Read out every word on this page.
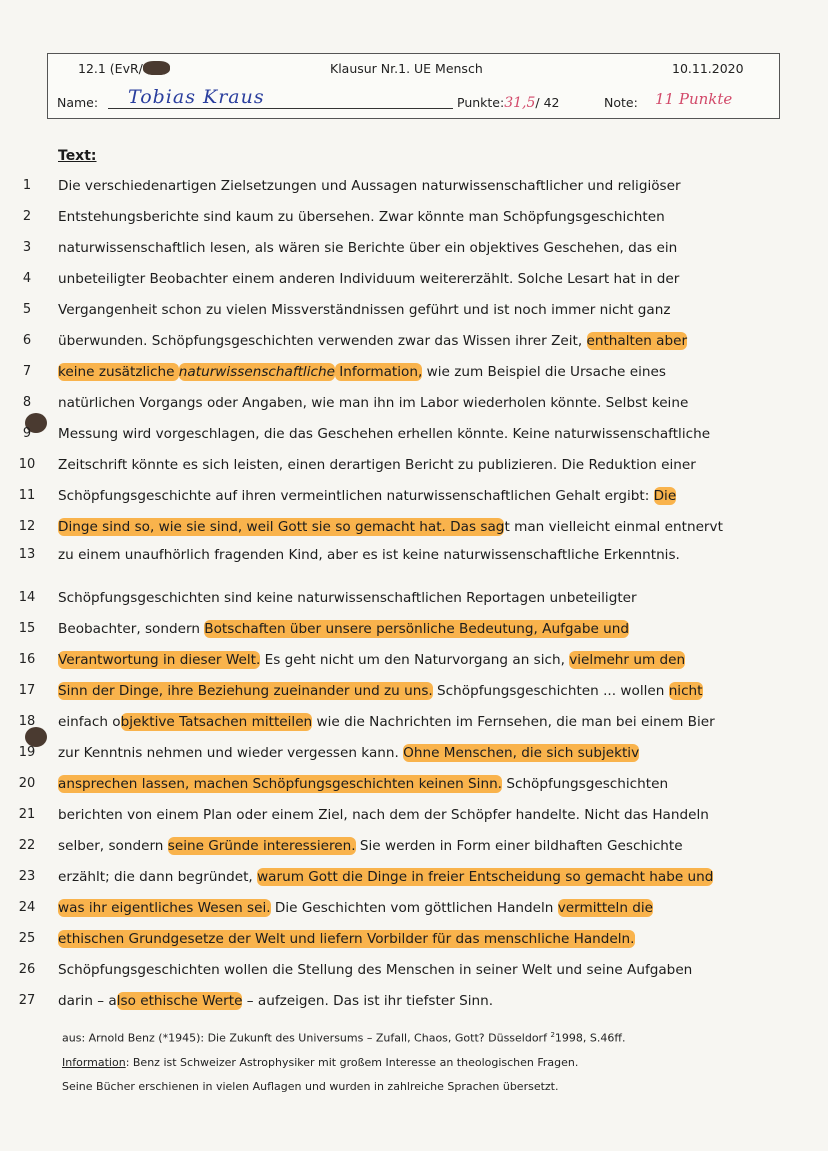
12.1 (EvR/	Klausur Nr.1. UE Mensch	10.11.2020
Name: Tobias Kraus	Punkte:31,5/ 42	Note: 11 Punkte
Text:
1	Die verschiedenartigen Zielsetzungen und Aussagen naturwissenschaftlicher und religiöser
2	Entstehungsberichte sind kaum zu übersehen. Zwar könnte man Schöpfungsgeschichten
3	naturwissenschaftlich lesen, als wären sie Berichte über ein objektives Geschehen, das ein
4	unbeteiligter Beobachter einem anderen Individuum weitererzählt. Solche Lesart hat in der
5	Vergangenheit schon zu vielen Missverständnissen geführt und ist noch immer nicht ganz
6	überwunden. Schöpfungsgeschichten verwenden zwar das Wissen ihrer Zeit, enthalten aber
7	keine zusätzliche naturwissenschaftliche Information, wie zum Beispiel die Ursache eines
8	natürlichen Vorgangs oder Angaben, wie man ihn im Labor wiederholen könnte. Selbst keine
9	Messung wird vorgeschlagen, die das Geschehen erhellen könnte. Keine naturwissenschaftliche
10	Zeitschrift könnte es sich leisten, einen derartigen Bericht zu publizieren. Die Reduktion einer
11	Schöpfungsgeschichte auf ihren vermeintlichen naturwissenschaftlichen Gehalt ergibt: Die
12	Dinge sind so, wie sie sind, weil Gott sie so gemacht hat. Das sagt man vielleicht einmal entnervt
13	zu einem unaufhörlich fragenden Kind, aber es ist keine naturwissenschaftliche Erkenntnis.
14	Schöpfungsgeschichten sind keine naturwissenschaftlichen Reportagen unbeteiligter
15	Beobachter, sondern Botschaften über unsere persönliche Bedeutung, Aufgabe und
16	Verantwortung in dieser Welt. Es geht nicht um den Naturvorgang an sich, vielmehr um den
17	Sinn der Dinge, ihre Beziehung zueinander und zu uns. Schöpfungsgeschichten ... wollen nicht
18	einfach objektive Tatsachen mitteilen wie die Nachrichten im Fernsehen, die man bei einem Bier
19	zur Kenntnis nehmen und wieder vergessen kann. Ohne Menschen, die sich subjektiv
20	ansprechen lassen, machen Schöpfungsgeschichten keinen Sinn. Schöpfungsgeschichten
21	berichten von einem Plan oder einem Ziel, nach dem der Schöpfer handelte. Nicht das Handeln
22	selber, sondern seine Gründe interessieren. Sie werden in Form einer bildhaften Geschichte
23	erzählt; die dann begründet, warum Gott die Dinge in freier Entscheidung so gemacht habe und
24	was ihr eigentliches Wesen sei. Die Geschichten vom göttlichen Handeln vermitteln die
25	ethischen Grundgesetze der Welt und liefern Vorbilder für das menschliche Handeln.
26	Schöpfungsgeschichten wollen die Stellung des Menschen in seiner Welt und seine Aufgaben
27	darin – also ethische Werte – aufzeigen. Das ist ihr tiefster Sinn.
aus: Arnold Benz (*1945): Die Zukunft des Universums – Zufall, Chaos, Gott? Düsseldorf $^2$1998, S.46ff.
Information: Benz ist Schweizer Astrophysiker mit großem Interesse an theologischen Fragen.
Seine Bücher erschienen in vielen Auflagen und wurden in zahlreiche Sprachen übersetzt.
